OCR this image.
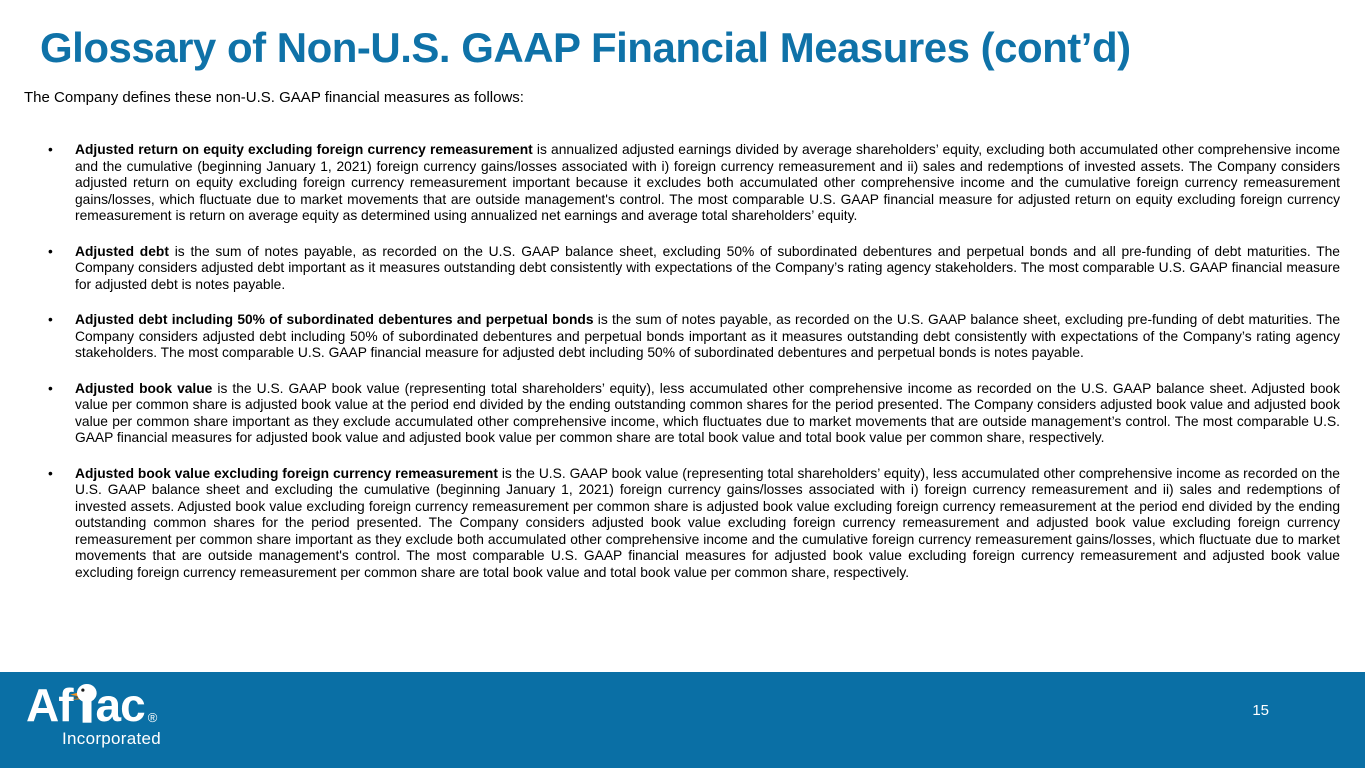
Glossary of Non-U.S. GAAP Financial Measures (cont’d)

The Company defines these non-U.S. GAAP financial measures as follows:

• Adjusted return on equity excluding foreign currency remeasurement is annualized adjusted earnings divided by average shareholders’ equity, excluding both accumulated other comprehensive income and the cumulative (beginning January 1, 2021) foreign currency gains/losses associated with i) foreign currency remeasurement and ii) sales and redemptions of invested assets. The Company considers adjusted return on equity excluding foreign currency remeasurement important because it excludes both accumulated other comprehensive income and the cumulative foreign currency remeasurement gains/losses, which fluctuate due to market movements that are outside management's control. The most comparable U.S. GAAP financial measure for adjusted return on equity excluding foreign currency remeasurement is return on average equity as determined using annualized net earnings and average total shareholders’ equity.
• Adjusted debt is the sum of notes payable, as recorded on the U.S. GAAP balance sheet, excluding 50% of subordinated debentures and perpetual bonds and all pre-funding of debt maturities. The Company considers adjusted debt important as it measures outstanding debt consistently with expectations of the Company’s rating agency stakeholders. The most comparable U.S. GAAP financial measure for adjusted debt is notes payable.
• Adjusted debt including 50% of subordinated debentures and perpetual bonds is the sum of notes payable, as recorded on the U.S. GAAP balance sheet, excluding pre-funding of debt maturities. The Company considers adjusted debt including 50% of subordinated debentures and perpetual bonds important as it measures outstanding debt consistently with expectations of the Company’s rating agency stakeholders. The most comparable U.S. GAAP financial measure for adjusted debt including 50% of subordinated debentures and perpetual bonds is notes payable.
• Adjusted book value is the U.S. GAAP book value (representing total shareholders’ equity), less accumulated other comprehensive income as recorded on the U.S. GAAP balance sheet. Adjusted book value per common share is adjusted book value at the period end divided by the ending outstanding common shares for the period presented. The Company considers adjusted book value and adjusted book value per common share important as they exclude accumulated other comprehensive income, which fluctuates due to market movements that are outside management’s control. The most comparable U.S. GAAP financial measures for adjusted book value and adjusted book value per common share are total book value and total book value per common share, respectively.
• Adjusted book value excluding foreign currency remeasurement is the U.S. GAAP book value (representing total shareholders’ equity), less accumulated other comprehensive income as recorded on the U.S. GAAP balance sheet and excluding the cumulative (beginning January 1, 2021) foreign currency gains/losses associated with i) foreign currency remeasurement and ii) sales and redemptions of invested assets. Adjusted book value excluding foreign currency remeasurement per common share is adjusted book value excluding foreign currency remeasurement at the period end divided by the ending outstanding common shares for the period presented. The Company considers adjusted book value excluding foreign currency remeasurement and adjusted book value excluding foreign currency remeasurement per common share important as they exclude both accumulated other comprehensive income and the cumulative foreign currency remeasurement gains/losses, which fluctuate due to market movements that are outside management's control. The most comparable U.S. GAAP financial measures for adjusted book value excluding foreign currency remeasurement and adjusted book value excluding foreign currency remeasurement per common share are total book value and total book value per common share, respectively.
Af ac ®
Incorporated
15
